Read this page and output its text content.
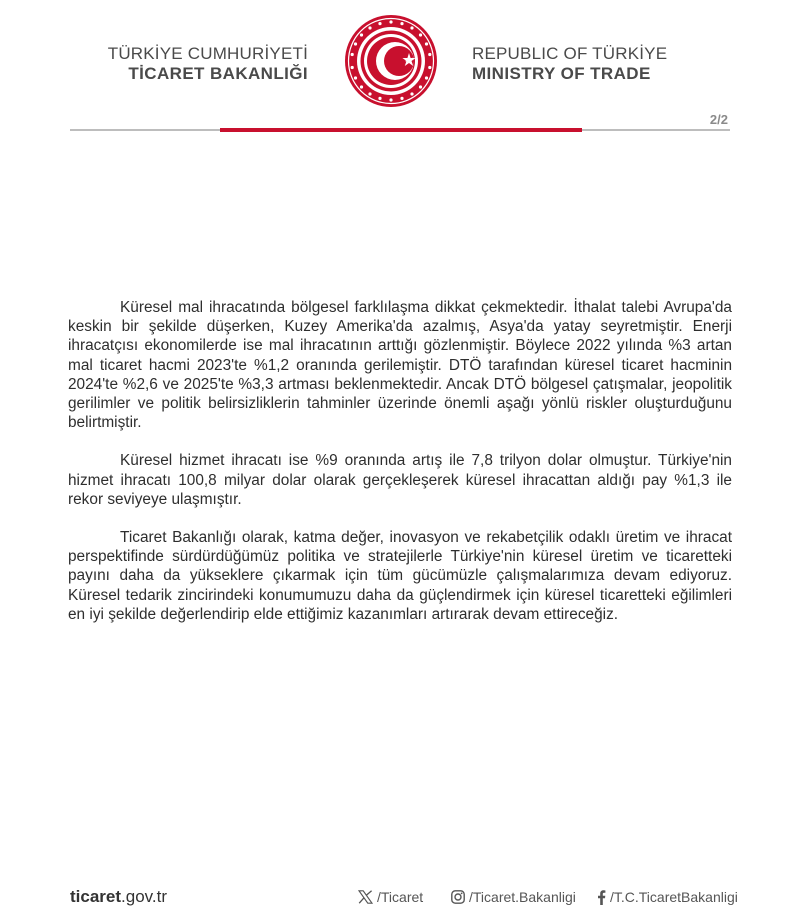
TÜRKİYE CUMHURİYETİ
TİCARET BAKANLIĞI
REPUBLIC OF TÜRKİYE
MINISTRY OF TRADE
2/2

Küresel mal ihracatında bölgesel farklılaşma dikkat çekmektedir. İthalat talebi Avrupa'da keskin bir şekilde düşerken, Kuzey Amerika'da azalmış, Asya'da yatay seyretmiştir. Enerji ihracatçısı ekonomilerde ise mal ihracatının arttığı gözlenmiştir. Böylece 2022 yılında %3 artan mal ticaret hacmi 2023'te %1,2 oranında gerilemiştir. DTÖ tarafından küresel ticaret hacminin 2024'te %2,6 ve 2025'te %3,3 artması beklenmektedir. Ancak DTÖ bölgesel çatışmalar, jeopolitik gerilimler ve politik belirsizliklerin tahminler üzerinde önemli aşağı yönlü riskler oluşturduğunu belirtmiştir.

Küresel hizmet ihracatı ise %9 oranında artış ile 7,8 trilyon dolar olmuştur. Türkiye'nin hizmet ihracatı 100,8 milyar dolar olarak gerçekleşerek küresel ihracattan aldığı pay %1,3 ile rekor seviyeye ulaşmıştır.

Ticaret Bakanlığı olarak, katma değer, inovasyon ve rekabetçilik odaklı üretim ve ihracat perspektifinde sürdürdüğümüz politika ve stratejilerle Türkiye'nin küresel üretim ve ticaretteki payını daha da yükseklere çıkarmak için tüm gücümüzle çalışmalarımıza devam ediyoruz. Küresel tedarik zincirindeki konumumuzu daha da güçlendirmek için küresel ticaretteki eğilimleri en iyi şekilde değerlendirip elde ettiğimiz kazanımları artırarak devam ettireceğiz.

ticaret.gov.tr	/Ticaret	/Ticaret.Bakanligi /T.C.TicaretBakanligi
